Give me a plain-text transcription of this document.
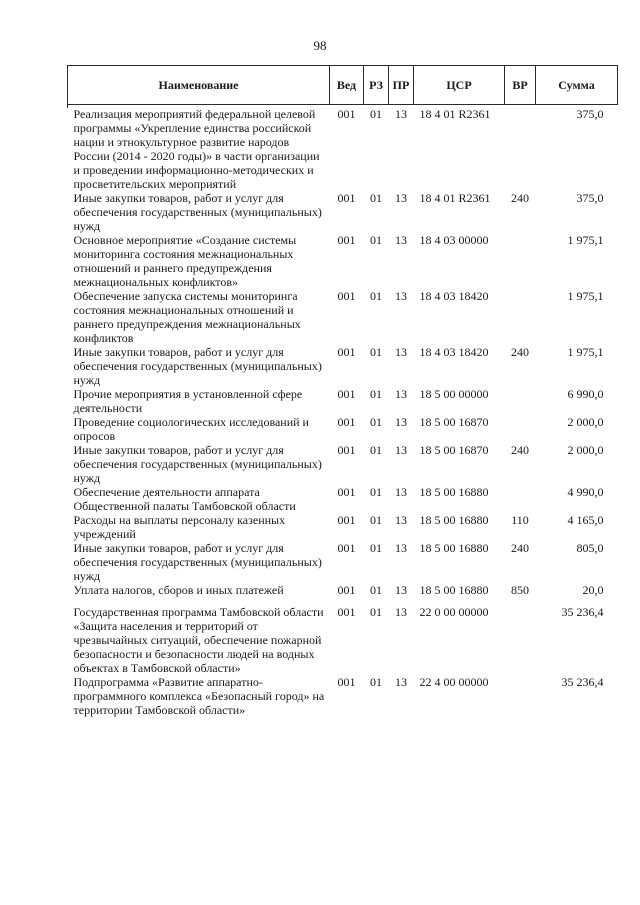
98
Наименование	Вед	РЗ	ПР	ЦСР	ВР	Сумма
Реализация мероприятий федеральной целевой программы «Укрепление единства российской нации и этнокультурное развитие народов России (2014 - 2020 годы)» в части организации и проведении информационно-методических и просветительских мероприятий	001	01	13	18 4 01 R2361		375,0
Иные закупки товаров, работ и услуг для обеспечения государственных (муниципальных) нужд	001	01	13	18 4 01 R2361	240	375,0
Основное мероприятие «Создание системы мониторинга состояния межнациональных отношений и раннего предупреждения межнациональных конфликтов»	001	01	13	18 4 03 00000		1 975,1
Обеспечение запуска системы мониторинга состояния межнациональных отношений и раннего предупреждения межнациональных конфликтов	001	01	13	18 4 03 18420		1 975,1
Иные закупки товаров, работ и услуг для обеспечения государственных (муниципальных) нужд	001	01	13	18 4 03 18420	240	1 975,1
Прочие мероприятия в установленной сфере деятельности	001	01	13	18 5 00 00000		6 990,0
Проведение социологических исследований и опросов	001	01	13	18 5 00 16870		2 000,0
Иные закупки товаров, работ и услуг для обеспечения государственных (муниципальных) нужд	001	01	13	18 5 00 16870	240	2 000,0
Обеспечение деятельности аппарата Общественной палаты Тамбовской области	001	01	13	18 5 00 16880		4 990,0
Расходы на выплаты персоналу казенных учреждений	001	01	13	18 5 00 16880	110	4 165,0
Иные закупки товаров, работ и услуг для обеспечения государственных (муниципальных) нужд	001	01	13	18 5 00 16880	240	805,0
Уплата налогов, сборов и иных платежей	001	01	13	18 5 00 16880	850	20,0
Государственная программа Тамбовской области «Защита населения и территорий от чрезвычайных ситуаций, обеспечение пожарной безопасности и безопасности людей на водных объектах в Тамбовской области»	001	01	13	22 0 00 00000		35 236,4
Подпрограмма «Развитие аппаратно-программного комплекса «Безопасный город» на территории Тамбовской области»	001	01	13	22 4 00 00000		35 236,4
